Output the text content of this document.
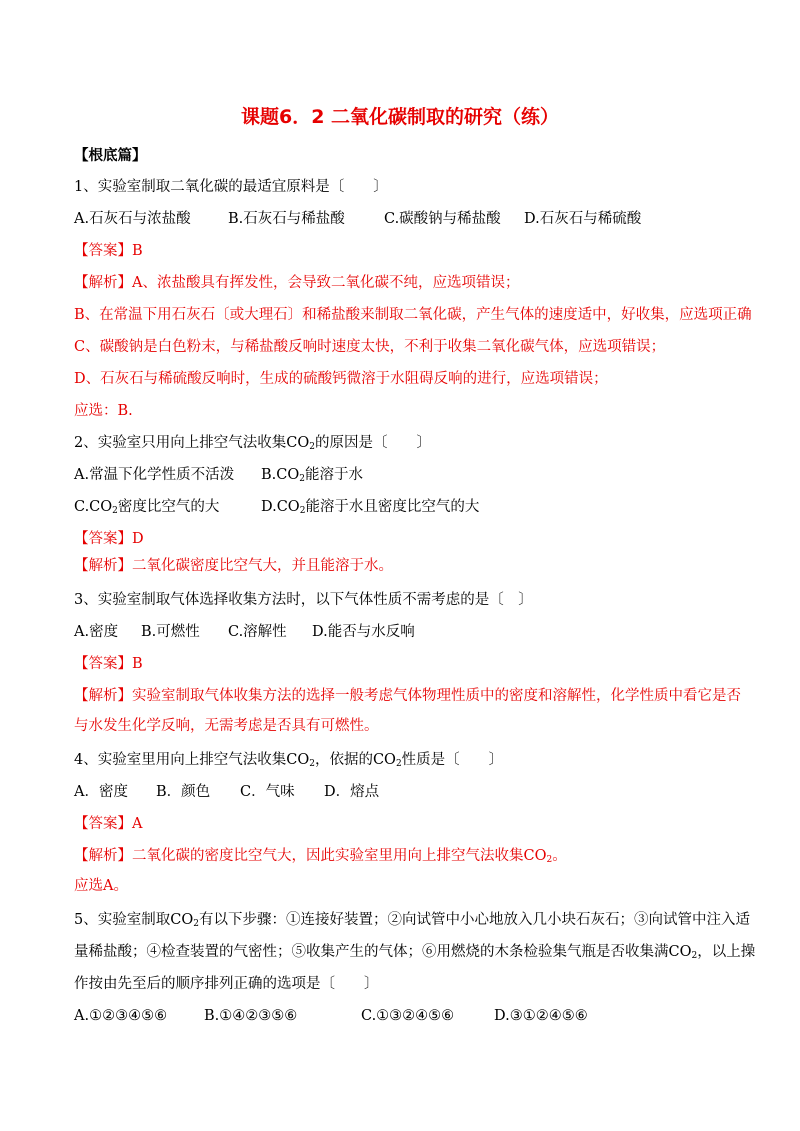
课题6．2 二氧化碳制取的研究（练）
【根底篇】
1、实验室制取二氧化碳的最适宜原料是〔　　〕
A.石灰石与浓盐酸	B.石灰石与稀盐酸	C.碳酸钠与稀盐酸 D.石灰石与稀硫酸
【答案】B
【解析】A、浓盐酸具有挥发性，会导致二氧化碳不纯，应选项错误；
B、在常温下用石灰石〔或大理石〕和稀盐酸来制取二氧化碳，产生气体的速度适中，好收集，应选项正确
C、碳酸钠是白色粉末，与稀盐酸反响时速度太快，不利于收集二氧化碳气体，应选项错误；
D、石灰石与稀硫酸反响时，生成的硫酸钙微溶于水阻碍反响的进行，应选项错误；
应选：B.
2、实验室只用向上排空气法收集$CO_2$的原因是〔　　〕
A.常温下化学性质不活泼 $B.CO_2$能溶于水
$C.CO_2$密度比空气的大	$D.CO_2$能溶于水且密度比空气的大
【答案】D
【解析】二氧化碳密度比空气大，并且能溶于水。
3、实验室制取气体选择收集方法时，以下气体性质不需考虑的是〔　〕
A.密度 B.可燃性 C.溶解性 D.能否与水反响
【答案】B
【解析】实验室制取气体收集方法的选择一般考虑气体物理性质中的密度和溶解性，化学性质中看它是否
与水发生化学反响，无需考虑是否具有可燃性。
4、实验室里用向上排空气法收集$CO_2$，依据的$CO_2$性质是〔　　〕
A．密度 B．颜色 C．气味 D．熔点
【答案】A
【解析】二氧化碳的密度比空气大，因此实验室里用向上排空气法收集$CO_2$。
应选A。
5、实验室制取$CO_2$有以下步骤：①连接好装置；②向试管中小心地放入几小块石灰石；③向试管中注入适
量稀盐酸；④检查装置的气密性；⑤收集产生的气体；⑥用燃烧的木条检验集气瓶是否收集满$CO_2$，以上操
作按由先至后的顺序排列正确的选项是〔　　〕
A.①②③④⑤⑥	B.①④②③⑤⑥	C.①③②④⑤⑥	D.③①②④⑤⑥
